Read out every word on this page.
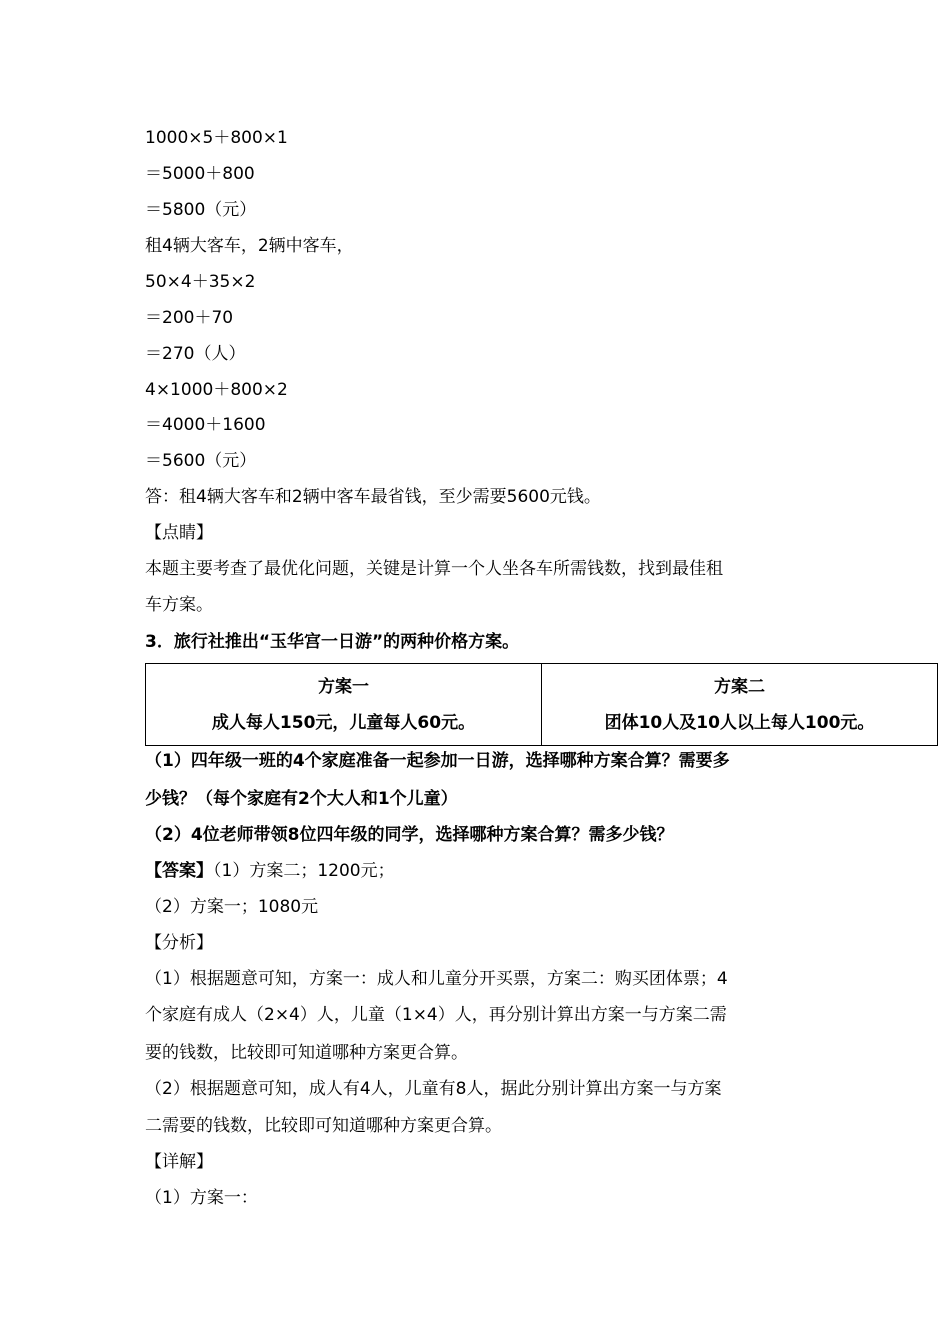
1000×5＋800×1
＝5000＋800
＝5800（元）
租4辆大客车，2辆中客车，
50×4＋35×2
＝200＋70
＝270（人）
4×1000＋800×2
＝4000＋1600
＝5600（元）
答：租4辆大客车和2辆中客车最省钱，至少需要5600元钱。
【点睛】
本题主要考查了最优化问题，关键是计算一个人坐各车所需钱数，找到最佳租
车方案。
3．旅行社推出“玉华宫一日游”的两种价格方案。
方案一
成人每人150元，儿童每人60元。
方案二
团体10人及10人以上每人100元。
（1）四年级一班的4个家庭准备一起参加一日游，选择哪种方案合算？需要多
少钱？（每个家庭有2个大人和1个儿童）
（2）4位老师带领8位四年级的同学，选择哪种方案合算？需多少钱？
【答案】（1）方案二；1200元；
（2）方案一；1080元
【分析】
（1）根据题意可知，方案一：成人和儿童分开买票，方案二：购买团体票；4
个家庭有成人（2×4）人，儿童（1×4）人，再分别计算出方案一与方案二需
要的钱数，比较即可知道哪种方案更合算。
（2）根据题意可知，成人有4人，儿童有8人，据此分别计算出方案一与方案
二需要的钱数，比较即可知道哪种方案更合算。
【详解】
（1）方案一：
